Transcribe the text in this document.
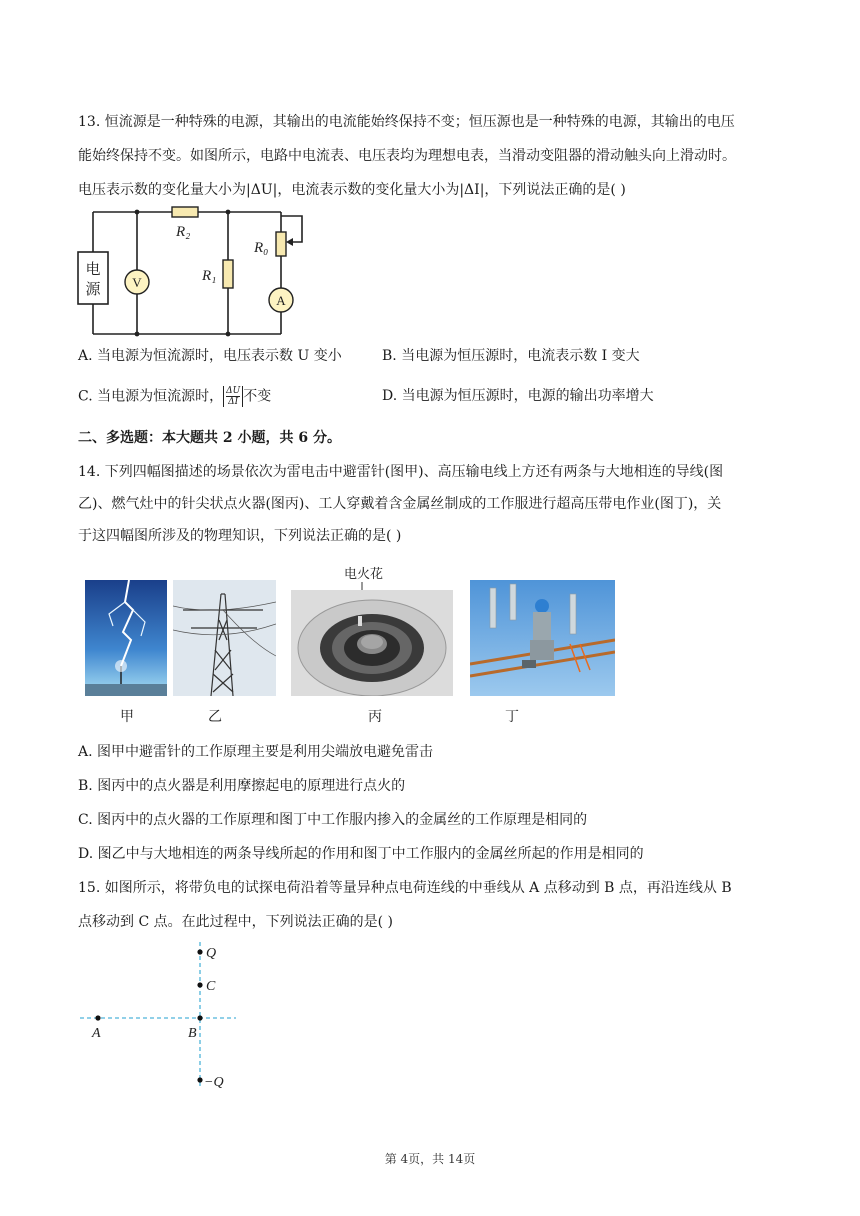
13. 恒流源是一种特殊的电源，其输出的电流能始终保持不变；恒压源也是一种特殊的电源，其输出的电压
能始终保持不变。如图所示，电路中电流表、电压表均为理想电表，当滑动变阻器的滑动触头向上滑动时。
电压表示数的变化量大小为|ΔU|，电流表示数的变化量大小为|ΔI|，下列说法正确的是( )
电
源 V
A
R₂
R₁
R₀
A. 当电源为恒流源时，电压表示数 U 变小	B. 当电源为恒压源时，电流表示数 I 变大
C. 当电源为恒流源时， $\frac{\Delta U}{\Delta I}$ 不变	D. 当电源为恒压源时，电源的输出功率增大
二、多选题：本大题共 2 小题，共 6 分。
14. 下列四幅图描述的场景依次为雷电击中避雷针(图甲)、高压输电线上方还有两条与大地相连的导线(图
乙)、燃气灶中的针尖状点火器(图丙)、工人穿戴着含金属丝制成的工作服进行超高压带电作业(图丁)，关
于这四幅图所涉及的物理知识，下列说法正确的是( )
电火花
甲	乙	丙	丁
A. 图甲中避雷针的工作原理主要是利用尖端放电避免雷击
B. 图丙中的点火器是利用摩擦起电的原理进行点火的
C. 图丙中的点火器的工作原理和图丁中工作服内掺入的金属丝的工作原理是相同的
D. 图乙中与大地相连的两条导线所起的作用和图丁中工作服内的金属丝所起的作用是相同的
15. 如图所示，将带负电的试探电荷沿着等量异种点电荷连线的中垂线从 A 点移动到 B 点，再沿连线从 B
点移动到 C 点。在此过程中，下列说法正确的是( )
Q
C
A	B
−Q
第 4页，共 14页
